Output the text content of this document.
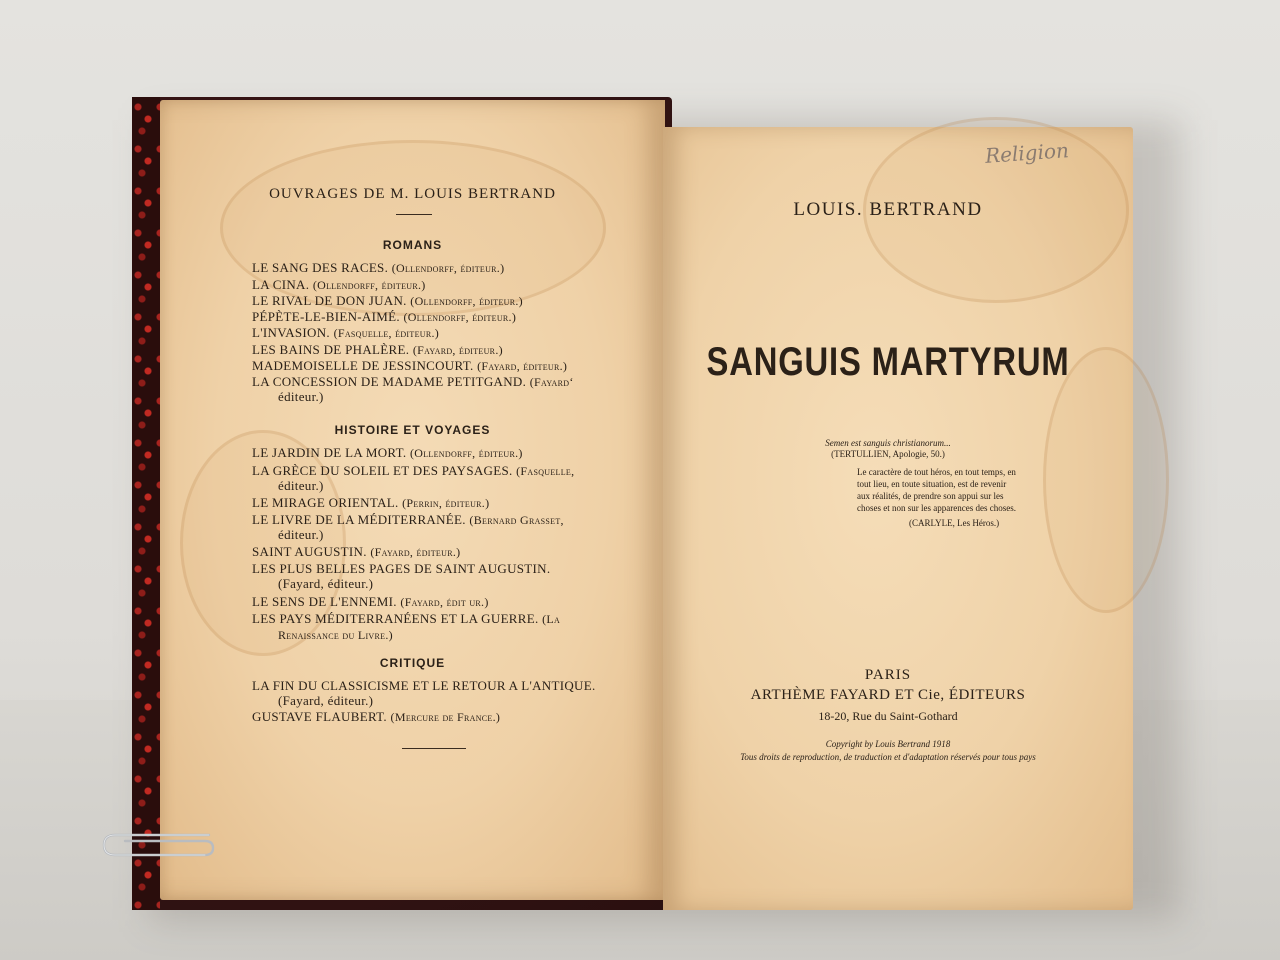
OUVRAGES DE M. LOUIS BERTRAND
ROMANS
LE SANG DES RACES. (Ollendorff, éditeur.)
LA CINA. (Ollendorff, éditeur.)
LE RIVAL DE DON JUAN. (Ollendorff, éditeur.)
PÉPÈTE-LE-BIEN-AIMÉ. (Ollendorff, éditeur.)
L'INVASION. (Fasquelle, éditeur.)
LES BAINS DE PHALÈRE. (Fayard, éditeur.)
MADEMOISELLE DE JESSINCOURT. (Fayard, éditeur.)
LA CONCESSION DE MADAME PETITGAND. (Fayard‘
éditeur.)
HISTOIRE ET VOYAGES
LE JARDIN DE LA MORT. (Ollendorff, éditeur.)
LA GRÈCE DU SOLEIL ET DES PAYSAGES. (Fasquelle,
éditeur.)
LE MIRAGE ORIENTAL. (Perrin, éditeur.)
LE LIVRE DE LA MÉDITERRANÉE. (Bernard Grasset,
éditeur.)
SAINT AUGUSTIN. (Fayard, éditeur.)
LES PLUS BELLES PAGES DE SAINT AUGUSTIN.
(Fayard, éditeur.)
LE SENS DE L'ENNEMI. (Fayard, édit ur.)
LES PAYS MÉDITERRANÉENS ET LA GUERRE. (La
Renaissance du Livre.)
CRITIQUE
LA FIN DU CLASSICISME ET LE RETOUR A L'ANTIQUE.
(Fayard, éditeur.)
GUSTAVE FLAUBERT. (Mercure de France.)
Religion
LOUIS. BERTRAND
SANGUIS MARTYRUM
Semen est sanguis christianorum...
(TERTULLIEN, Apologie, 50.)
Le caractère de tout héros, en tout temps, en
tout lieu, en toute situation, est de revenir
aux réalités, de prendre son appui sur les
choses et non sur les apparences des choses.
(CARLYLE, Les Héros.)
PARIS
ARTHÈME FAYARD ET Cie, ÉDITEURS
18-20, Rue du Saint-Gothard
Copyright by Louis Bertrand 1918
Tous droits de reproduction, de traduction et d'adaptation réservés pour tous pays
